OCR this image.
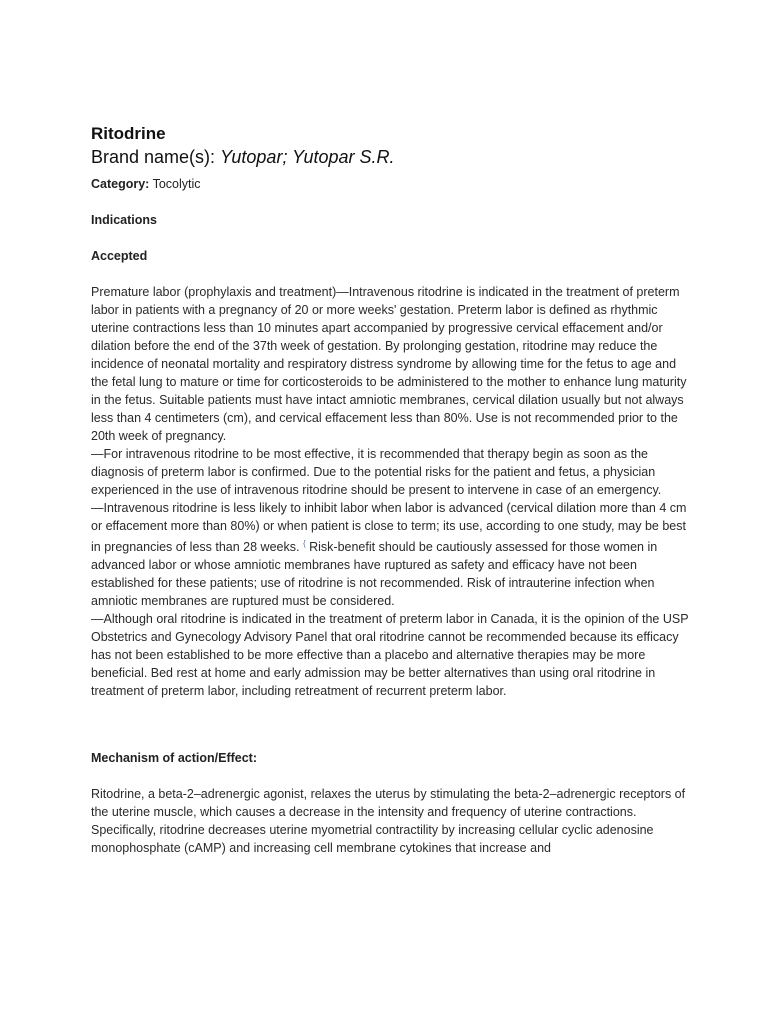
Ritodrine
Brand name(s): Yutopar; Yutopar S.R.
Category: Tocolytic
Indications
Accepted
Premature labor (prophylaxis and treatment)—Intravenous ritodrine is indicated in the treatment of preterm labor in patients with a pregnancy of 20 or more weeks' gestation. Preterm labor is defined as rhythmic uterine contractions less than 10 minutes apart accompanied by progressive cervical effacement and/or dilation before the end of the 37th week of gestation. By prolonging gestation, ritodrine may reduce the incidence of neonatal mortality and respiratory distress syndrome by allowing time for the fetus to age and the fetal lung to mature or time for corticosteroids to be administered to the mother to enhance lung maturity in the fetus. Suitable patients must have intact amniotic membranes, cervical dilation usually but not always less than 4 centimeters (cm), and cervical effacement less than 80%. Use is not recommended prior to the 20th week of pregnancy.
—For intravenous ritodrine to be most effective, it is recommended that therapy begin as soon as the diagnosis of preterm labor is confirmed. Due to the potential risks for the patient and fetus, a physician experienced in the use of intravenous ritodrine should be present to intervene in case of an emergency.
—Intravenous ritodrine is less likely to inhibit labor when labor is advanced (cervical dilation more than 4 cm or effacement more than 80%) or when patient is close to term; its use, according to one study, may be best in pregnancies of less than 28 weeks. { Risk-benefit should be cautiously assessed for those women in advanced labor or whose amniotic membranes have ruptured as safety and efficacy have not been established for these patients; use of ritodrine is not recommended. Risk of intrauterine infection when amniotic membranes are ruptured must be considered.
—Although oral ritodrine is indicated in the treatment of preterm labor in Canada, it is the opinion of the USP Obstetrics and Gynecology Advisory Panel that oral ritodrine cannot be recommended because its efficacy has not been established to be more effective than a placebo and alternative therapies may be more beneficial. Bed rest at home and early admission may be better alternatives than using oral ritodrine in treatment of preterm labor, including retreatment of recurrent preterm labor.
Mechanism of action/Effect:
Ritodrine, a beta-2–adrenergic agonist, relaxes the uterus by stimulating the beta-2–adrenergic receptors of the uterine muscle, which causes a decrease in the intensity and frequency of uterine contractions. Specifically, ritodrine decreases uterine myometrial contractility by increasing cellular cyclic adenosine monophosphate (cAMP) and increasing cell membrane cytokines that increase and
